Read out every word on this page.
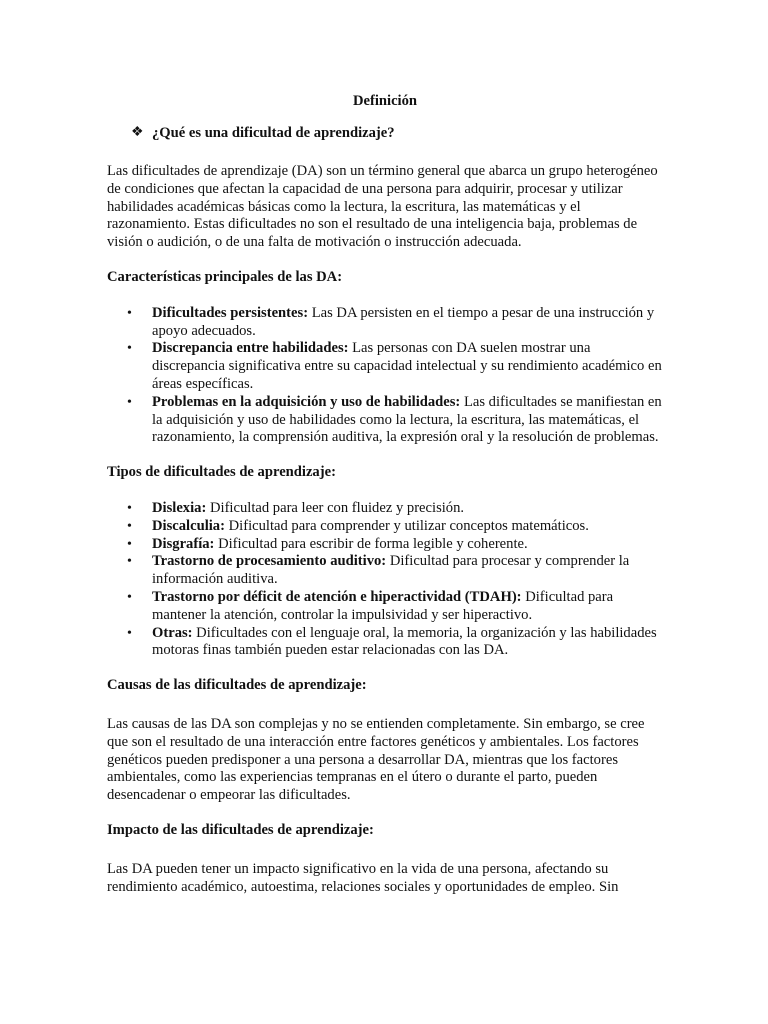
Definición
❖ ¿Qué es una dificultad de aprendizaje?

Las dificultades de aprendizaje (DA) son un término general que abarca un grupo heterogéneo de condiciones que afectan la capacidad de una persona para adquirir, procesar y utilizar habilidades académicas básicas como la lectura, la escritura, las matemáticas y el razonamiento. Estas dificultades no son el resultado de una inteligencia baja, problemas de visión o audición, o de una falta de motivación o instrucción adecuada.

Características principales de las DA:

• Dificultades persistentes: Las DA persisten en el tiempo a pesar de una instrucción y apoyo adecuados.
• Discrepancia entre habilidades: Las personas con DA suelen mostrar una discrepancia significativa entre su capacidad intelectual y su rendimiento académico en áreas específicas.
• Problemas en la adquisición y uso de habilidades: Las dificultades se manifiestan en la adquisición y uso de habilidades como la lectura, la escritura, las matemáticas, el razonamiento, la comprensión auditiva, la expresión oral y la resolución de problemas.

Tipos de dificultades de aprendizaje:

• Dislexia: Dificultad para leer con fluidez y precisión.
• Discalculia: Dificultad para comprender y utilizar conceptos matemáticos.
• Disgrafía: Dificultad para escribir de forma legible y coherente.
• Trastorno de procesamiento auditivo: Dificultad para procesar y comprender la información auditiva.
• Trastorno por déficit de atención e hiperactividad (TDAH): Dificultad para mantener la atención, controlar la impulsividad y ser hiperactivo.
• Otras: Dificultades con el lenguaje oral, la memoria, la organización y las habilidades motoras finas también pueden estar relacionadas con las DA.

Causas de las dificultades de aprendizaje:

Las causas de las DA son complejas y no se entienden completamente. Sin embargo, se cree que son el resultado de una interacción entre factores genéticos y ambientales. Los factores genéticos pueden predisponer a una persona a desarrollar DA, mientras que los factores ambientales, como las experiencias tempranas en el útero o durante el parto, pueden desencadenar o empeorar las dificultades.

Impacto de las dificultades de aprendizaje:

Las DA pueden tener un impacto significativo en la vida de una persona, afectando su rendimiento académico, autoestima, relaciones sociales y oportunidades de empleo. Sin
